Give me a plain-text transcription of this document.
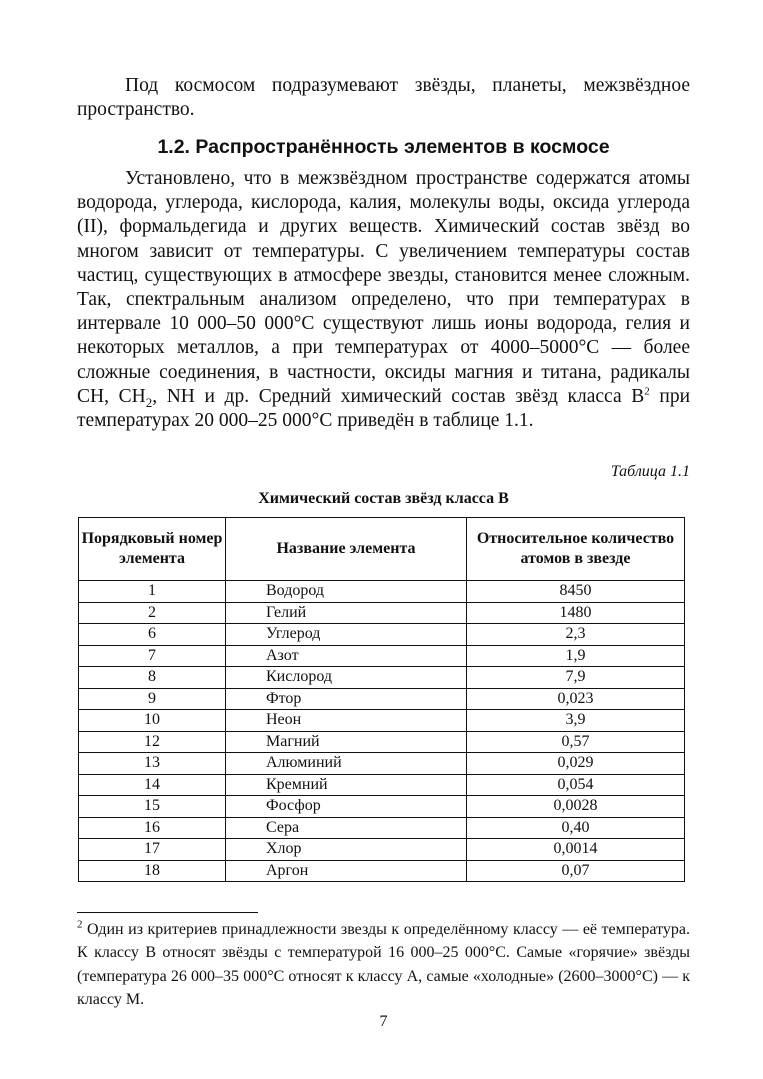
Под космосом подразумевают звёзды, планеты, межзвёздное пространство.

1.2. Распространённость элементов в космосе

Установлено, что в межзвёздном пространстве содержатся атомы водорода, углерода, кислорода, калия, молекулы воды, оксида углерода (II), формальдегида и других веществ. Химический состав звёзд во многом зависит от температуры. С увеличением температуры состав частиц, существующих в атмосфере звезды, становится менее сложным. Так, спектральным анализом определено, что при температурах в интервале 10 000–50 000°С существуют лишь ионы водорода, гелия и некоторых металлов, а при температурах от 4000–5000°С — более сложные соединения, в частности, оксиды магния и титана, радикалы CH, $CH_2$, NH и др. Средний химический состав звёзд класса $B^2$ при температурах 20 000–25 000°С приведён в таблице 1.1.

Таблица 1.1
Химический состав звёзд класса B
Порядковый номер элемента	Название элемента	Относительное количество атомов в звезде
1	Водород	8450
2	Гелий	1480
6	Углерод	2,3
7	Азот	1,9
8	Кислород	7,9
9	Фтор	0,023
10	Неон	3,9
12	Магний	0,57
13	Алюминий	0,029
14	Кремний	0,054
15	Фосфор	0,0028
16	Сера	0,40
17	Хлор	0,0014
18	Аргон	0,07
$^2$ Один из критериев принадлежности звезды к определённому классу — её температура. К классу B относят звёзды с температурой 16 000–25 000°С. Самые «горячие» звёзды (температура 26 000–35 000°С относят к классу A, самые «холодные» (2600–3000°С) — к классу M.
7
